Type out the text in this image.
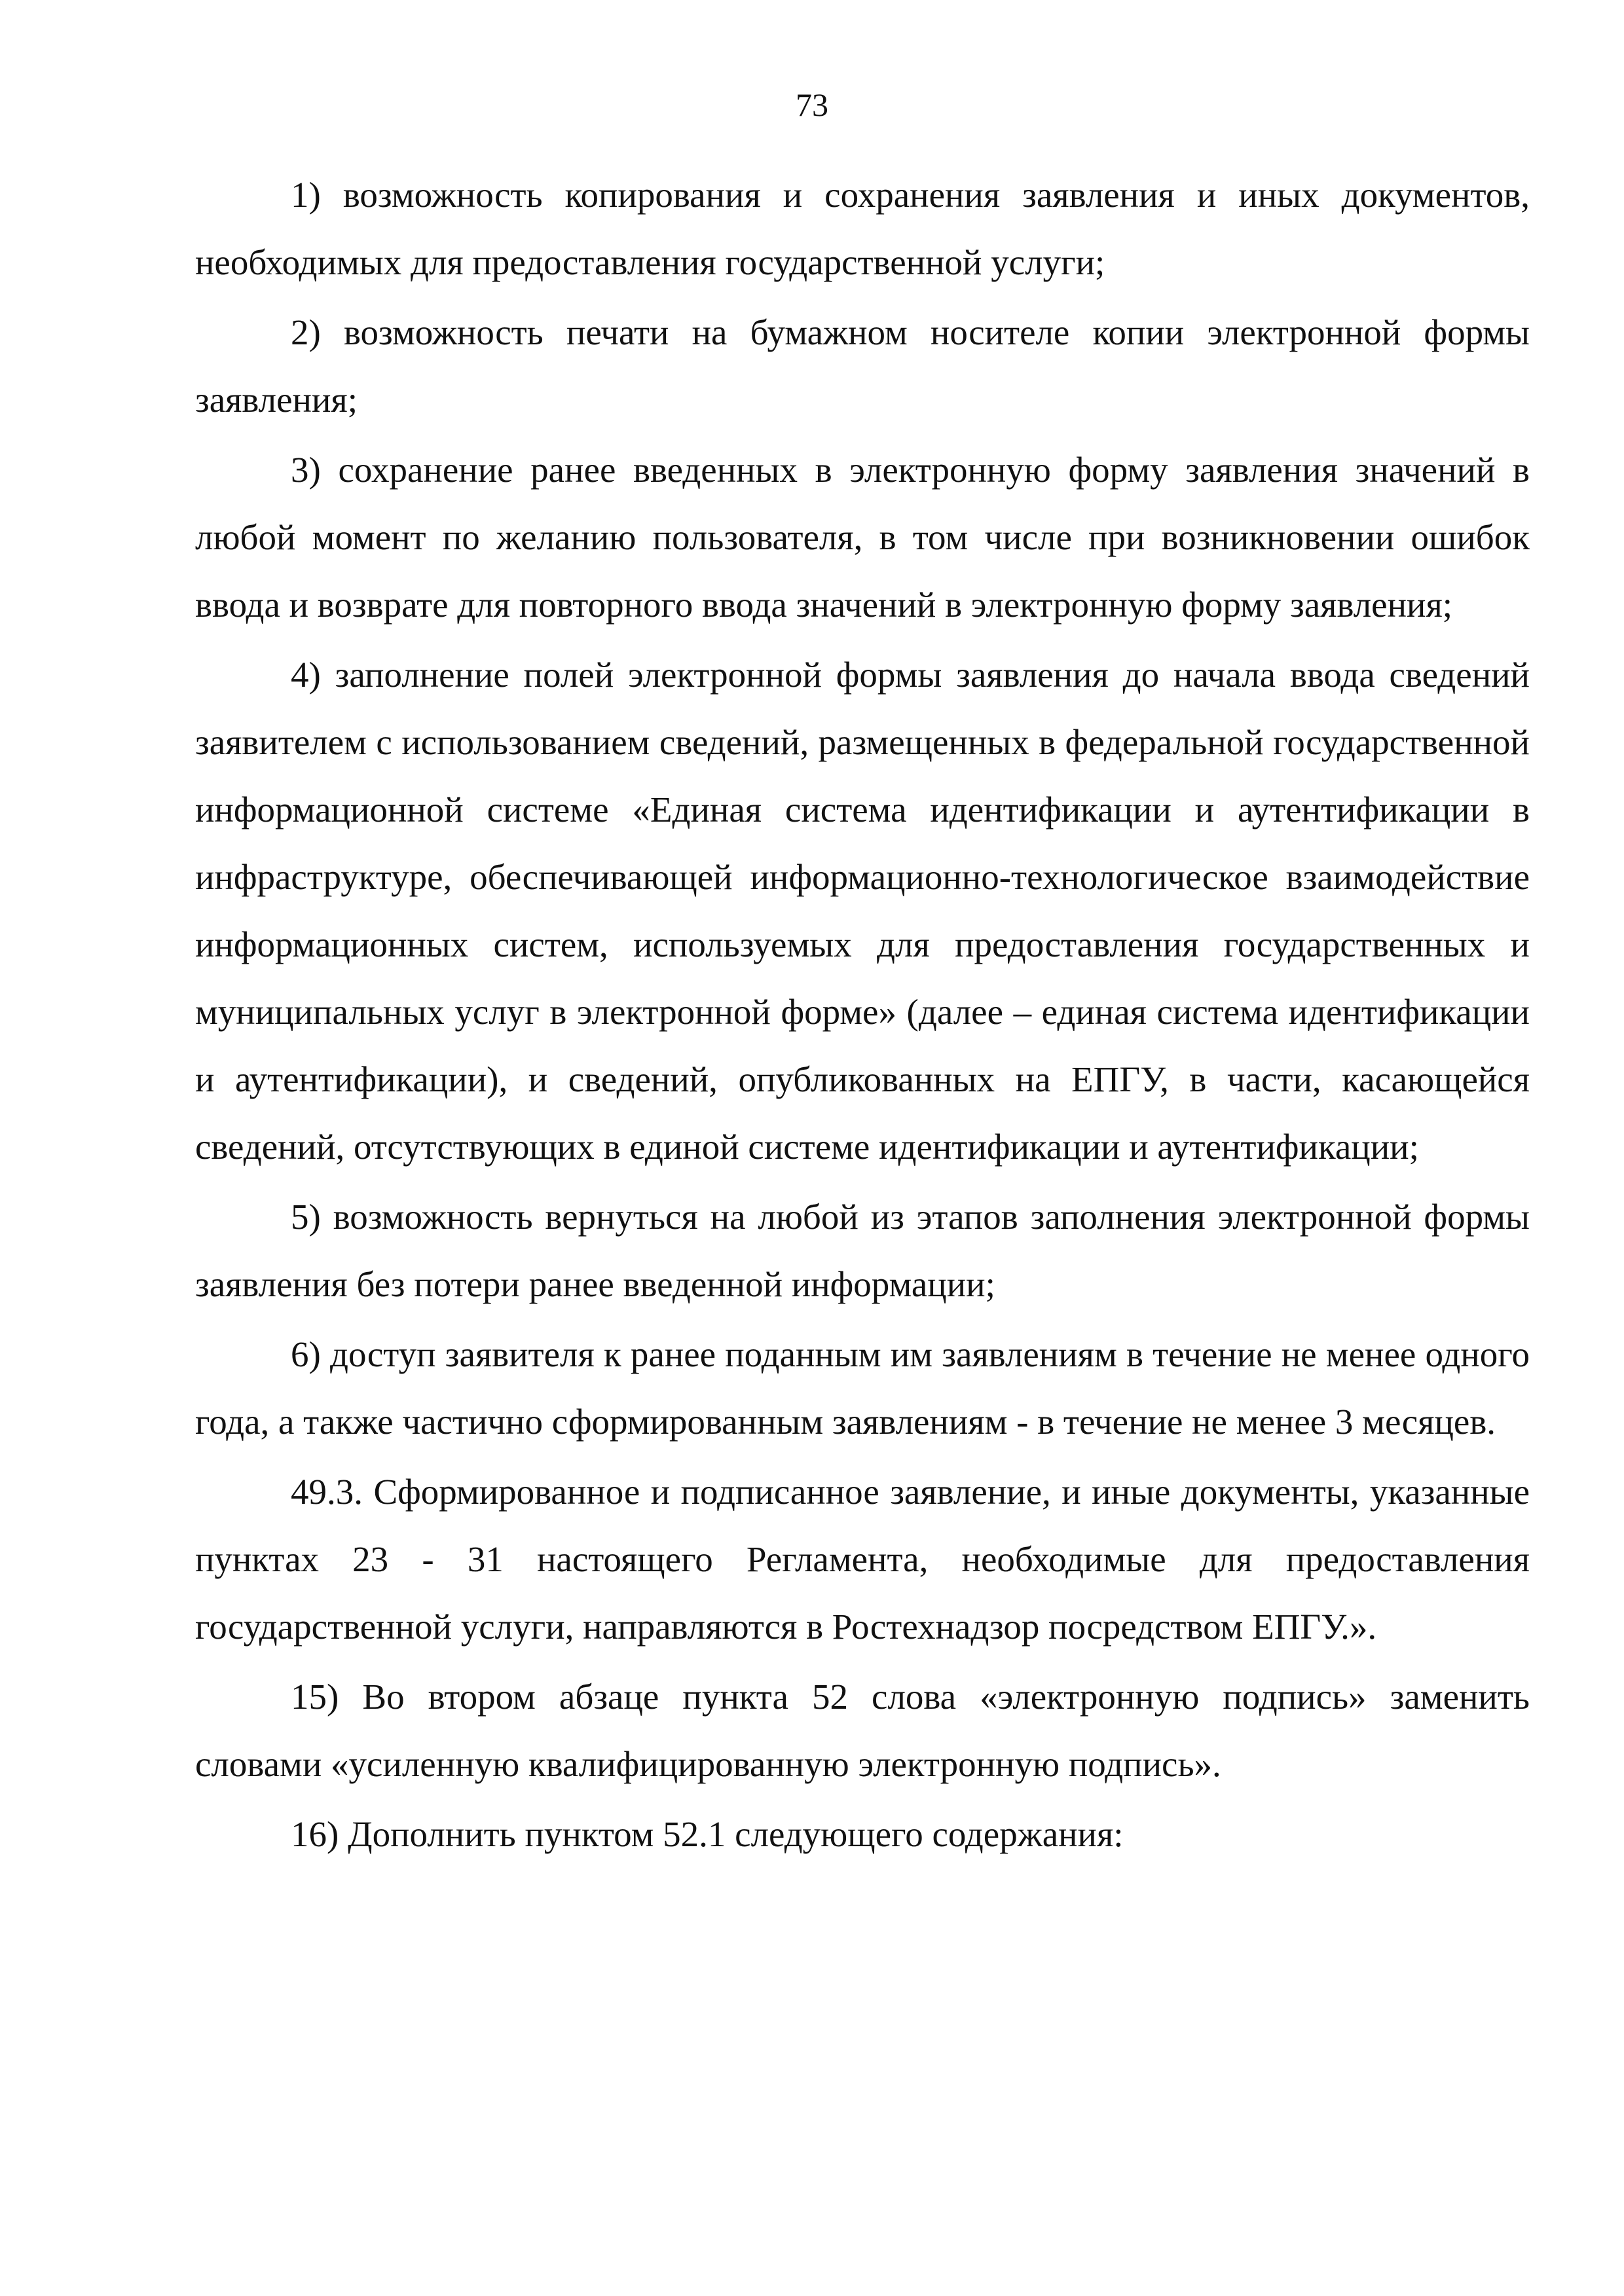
73

1) возможность копирования и сохранения заявления и иных документов, необходимых для предоставления государственной услуги;

2) возможность печати на бумажном носителе копии электронной формы заявления;

3) сохранение ранее введенных в электронную форму заявления значений в любой момент по желанию пользователя, в том числе при возникновении ошибок ввода и возврате для повторного ввода значений в электронную форму заявления;

4) заполнение полей электронной формы заявления до начала ввода сведений заявителем с использованием сведений, размещенных в федеральной государственной информационной системе «Единая система идентификации и аутентификации в инфраструктуре, обеспечивающей информационно-технологическое взаимодействие информационных систем, используемых для предоставления государственных и муниципальных услуг в электронной форме» (далее – единая система идентификации и аутентификации), и сведений, опубликованных на ЕПГУ, в части, касающейся сведений, отсутствующих в единой системе идентификации и аутентификации;

5) возможность вернуться на любой из этапов заполнения электронной формы заявления без потери ранее введенной информации;

6) доступ заявителя к ранее поданным им заявлениям в течение не менее одного года, а также частично сформированным заявлениям - в течение не менее 3 месяцев.

49.3. Сформированное и подписанное заявление, и иные документы, указанные пунктах 23 - 31 настоящего Регламента, необходимые для предоставления государственной услуги, направляются в Ростехнадзор посредством ЕПГУ.».

15) Во втором абзаце пункта 52 слова «электронную подпись» заменить словами «усиленную квалифицированную электронную подпись».

16) Дополнить пунктом 52.1 следующего содержания:
